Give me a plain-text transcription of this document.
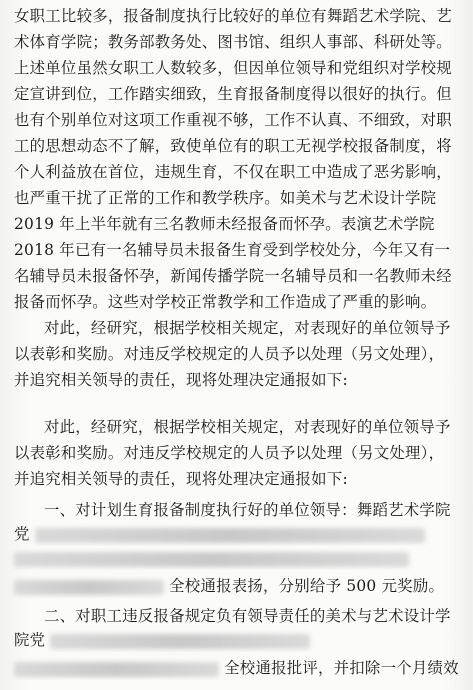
女职工比较多，报备制度执行比较好的单位有舞蹈艺术学院、艺
术体育学院；教务部教务处、图书馆、组织人事部、科研处等。
上述单位虽然女职工人数较多，但因单位领导和党组织对学校规
定宣讲到位，工作踏实细致，生育报备制度得以很好的执行。但
也有个别单位对这项工作重视不够，工作不认真、不细致，对职
工的思想动态不了解，致使单位有的职工无视学校报备制度，将
个人利益放在首位，违规生育，不仅在职工中造成了恶劣影响，
也严重干扰了正常的工作和教学秩序。如美术与艺术设计学院
2019 年上半年就有三名教师未经报备而怀孕。表演艺术学院
2018 年已有一名辅导员未报备生育受到学校处分，今年又有一
名辅导员未报备怀孕，新闻传播学院一名辅导员和一名教师未经
报备而怀孕。这些对学校正常教学和工作造成了严重的影响。
对此，经研究，根据学校相关规定，对表现好的单位领导予
以表彰和奖励。对违反学校规定的人员予以处理（另文处理），
并追究相关领导的责任，现将处理决定通报如下:
对此，经研究，根据学校相关规定，对表现好的单位领导予
以表彰和奖励。对违反学校规定的人员予以处理（另文处理），
并追究相关领导的责任，现将处理决定通报如下:
一、对计划生育报备制度执行好的单位领导：舞蹈艺术学院
党
全校通报表扬，分别给予 500 元奖励。
二、对职工违反报备规定负有领导责任的美术与艺术设计学
院党
全校通报批评，并扣除一个月绩效
